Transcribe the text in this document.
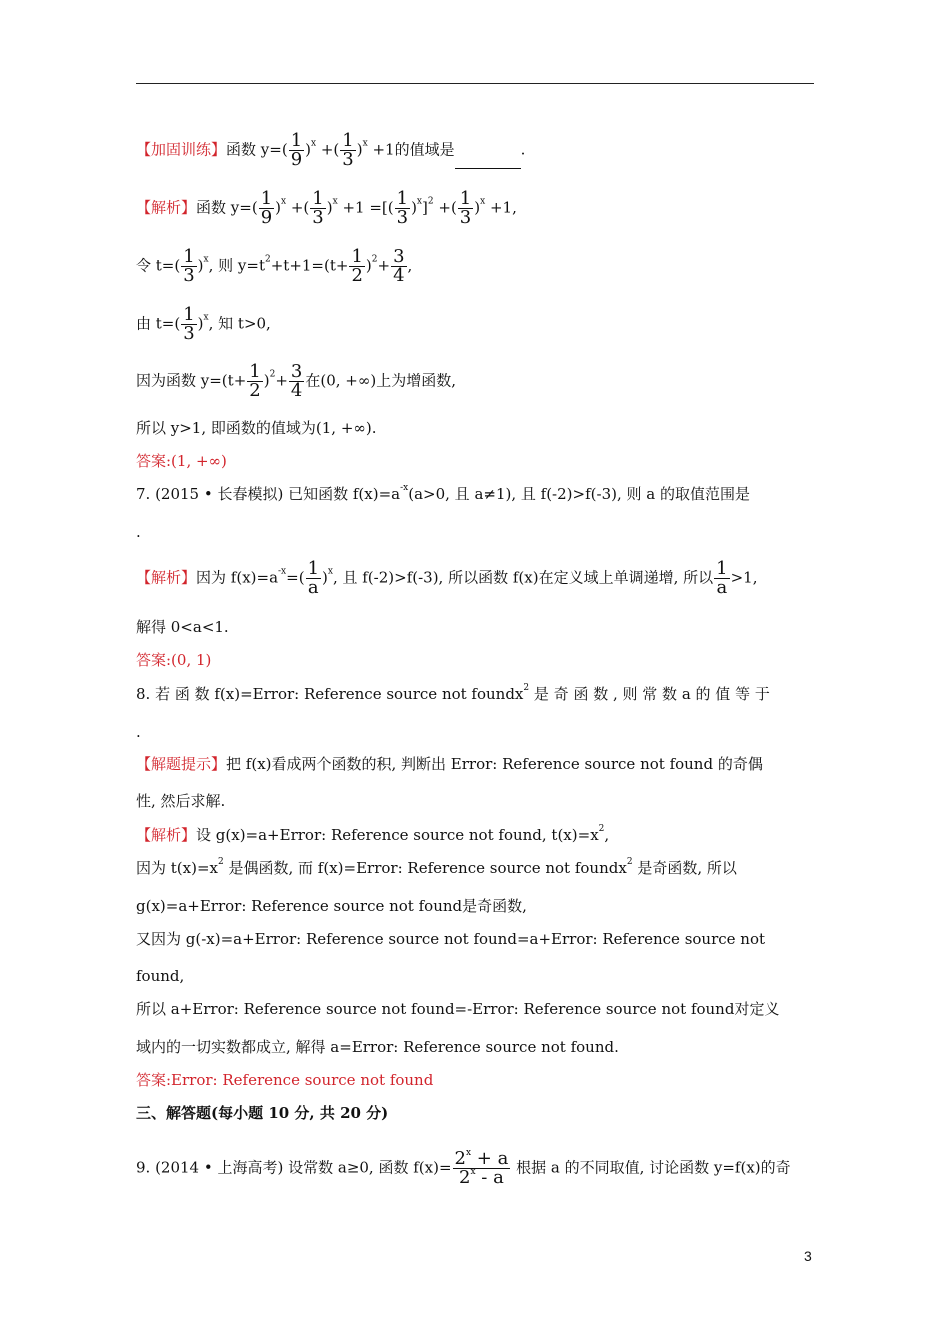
【加固训练】函数 $y=( \frac{1}{9} )^x$ +( $\frac{1}{3} )^x +1$的值域是	.
【解析】函数 $y=( \frac{1}{9} )^x$ +( $\frac{1}{3} )^x +1$ =[( $\frac{1}{3} )^x]^2$ +( $\frac{1}{3} )^x +1$,
令 $t=( \frac{1}{3} )^x$, 则 $y=t^2+t+1=(t+ \frac{1}{2} )^2+ \frac{3}{4}$ ,
由 $t=( \frac{1}{3} )^x$, 知 t>0,
因为函数 $y=(t+ \frac{1}{2} )^2+ \frac{3}{4}$ 在(0, +∞)上为增函数,
所以 y>1, 即函数的值域为(1, +∞).
答案:(1, +∞)
7. (2015 • 长春模拟) 已知函数 $f(x)=a^{-x}(a>0$, 且 a≠1), 且 f(-2)>f(-3), 则 a 的取值范围是
.
【解析】因为 $f(x)=a^{-x}=( \frac{1}{a} )^x$, 且 f(-2)>f(-3), 所以函数 f(x)在定义域上单调递增, 所以 $\frac{1}{a} >1$,
解得 0<a<1.
答案:(0, 1)
8. 若 函 数 f(x)=Error: Reference source not foundx$^2$ 是 奇 函 数 , 则 常 数 a 的 值 等 于
.
【解题提示】把 f(x)看成两个函数的积, 判断出 Error: Reference source not found 的奇偶
性, 然后求解.
【解析】设 g(x)=a+Error: Reference source not found, $t(x)=x^2$,
因为 $t(x)=x^2$ 是偶函数, 而 f(x)=Error: Reference source not foundx$^2$ 是奇函数, 所以
g(x)=a+Error: Reference source not found是奇函数,
又因为 g(-x)=a+Error: Reference source not found=a+Error: Reference source not
found,
所以 a+Error: Reference source not found=-Error: Reference source not found对定义
域内的一切实数都成立, 解得 a=Error: Reference source not found.
答案:Error: Reference source not found
三、解答题(每小题 10 分, 共 20 分)
9. (2014 • 上海高考) 设常数 a≥0, 函数 $f(x)= \frac{2^x + a}{2^x - a}$ 根据 a 的不同取值, 讨论函数 y=f(x)的奇
3
